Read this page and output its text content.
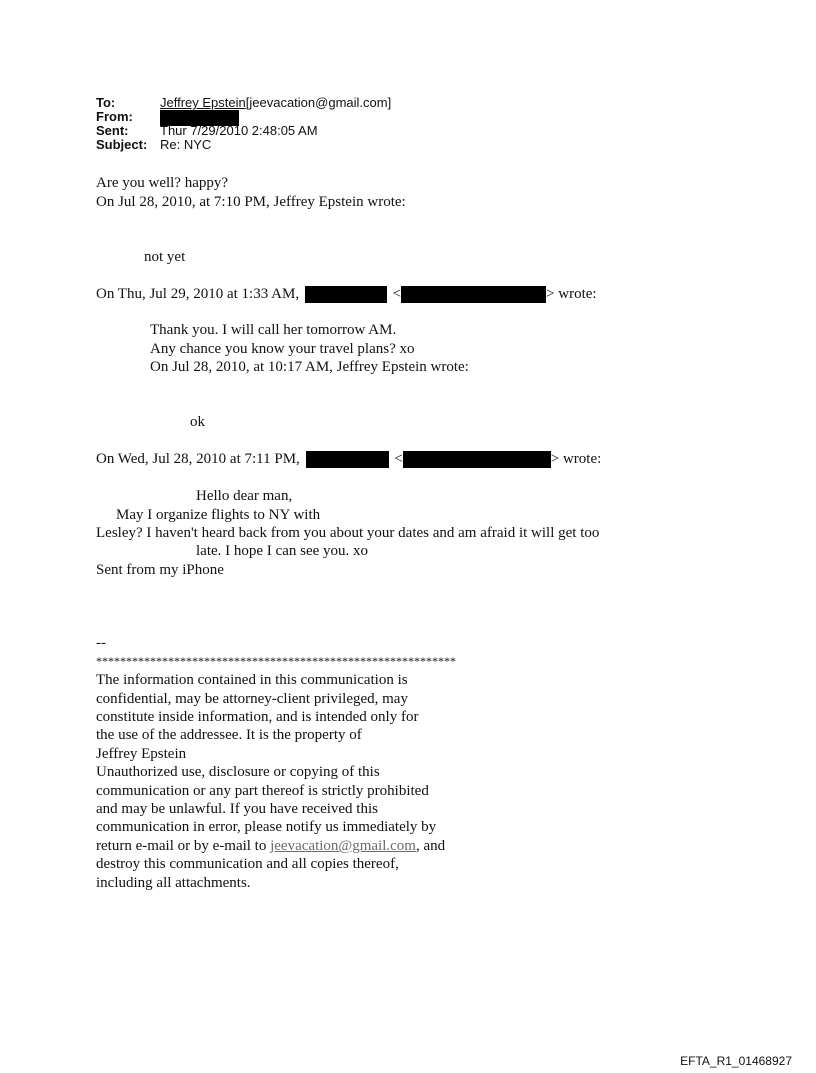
To:	Jeffrey Epstein[jeevacation@gmail.com]
From:
Sent:	Thur 7/29/2010 2:48:05 AM
Subject: Re: NYC
Are you well? happy?
On Jul 28, 2010, at 7:10 PM, Jeffrey Epstein wrote:
not yet
On Thu, Jul 29, 2010 at 1:33 AM,	<	> wrote:
Thank you. I will call her tomorrow AM.
Any chance you know your travel plans? xo
On Jul 28, 2010, at 10:17 AM, Jeffrey Epstein wrote:
ok
On Wed, Jul 28, 2010 at 7:11 PM,	<	> wrote:
Hello dear man,
May I organize flights to NY with
Lesley? I haven't heard back from you about your dates and am afraid it will get too
late. I hope I can see you. xo
Sent from my iPhone
--
************************************************************
The information contained in this communication is
confidential, may be attorney-client privileged, may
constitute inside information, and is intended only for
the use of the addressee. It is the property of
Jeffrey Epstein
Unauthorized use, disclosure or copying of this
communication or any part thereof is strictly prohibited
and may be unlawful. If you have received this
communication in error, please notify us immediately by
return e-mail or by e-mail to jeevacation@gmail.com, and
destroy this communication and all copies thereof,
including all attachments.
EFTA_R1_01468927
